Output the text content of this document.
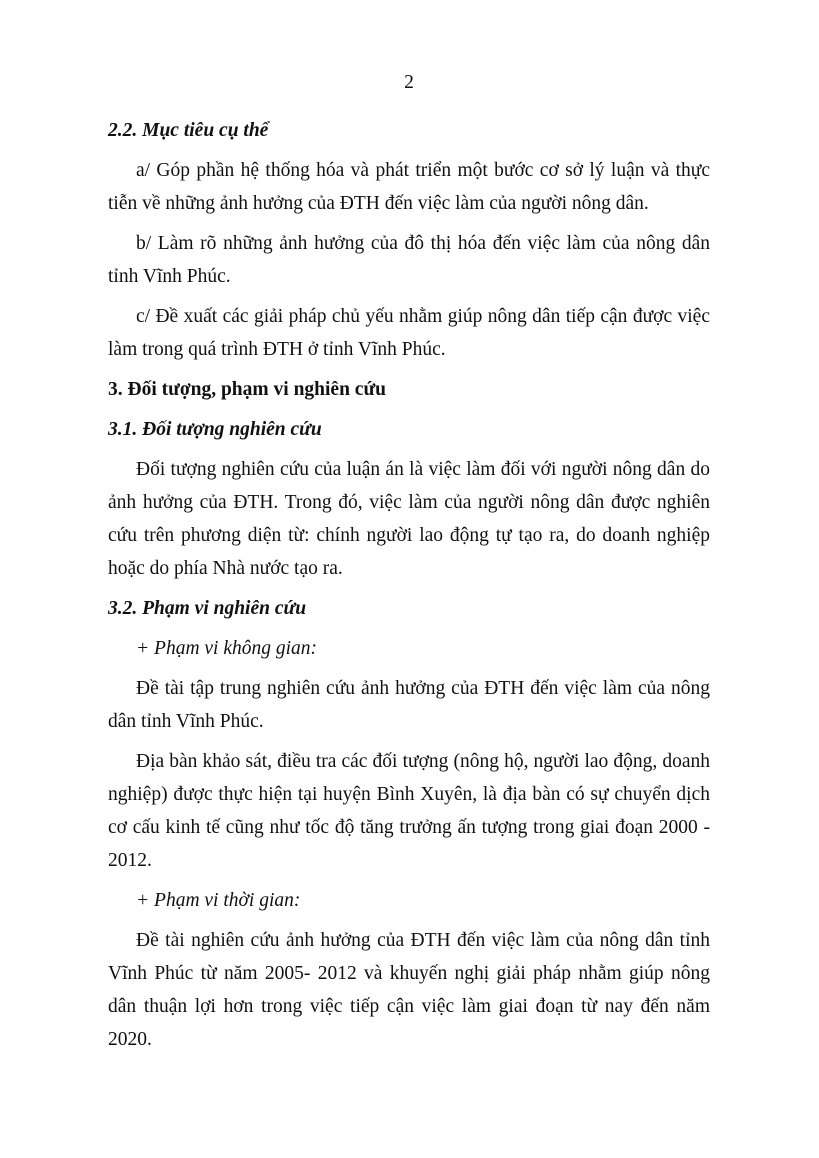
2

2.2. Mục tiêu cụ thể

a/ Góp phần hệ thống hóa và phát triển một bước cơ sở lý luận và thực tiễn về những ảnh hưởng của ĐTH đến việc làm của người nông dân.

b/ Làm rõ những ảnh hưởng của đô thị hóa đến việc làm của nông dân tỉnh Vĩnh Phúc.

c/ Đề xuất các giải pháp chủ yếu nhằm giúp nông dân tiếp cận được việc làm trong quá trình ĐTH ở tỉnh Vĩnh Phúc.

3. Đối tượng, phạm vi nghiên cứu

3.1. Đối tượng nghiên cứu

Đối tượng nghiên cứu của luận án là việc làm đối với người nông dân do ảnh hưởng của ĐTH. Trong đó, việc làm của người nông dân được nghiên cứu trên phương diện từ: chính người lao động tự tạo ra, do doanh nghiệp hoặc do phía Nhà nước tạo ra.

3.2. Phạm vi nghiên cứu

+ Phạm vi không gian:

Đề tài tập trung nghiên cứu ảnh hưởng của ĐTH đến việc làm của nông dân tỉnh Vĩnh Phúc.

Địa bàn khảo sát, điều tra các đối tượng (nông hộ, người lao động, doanh nghiệp) được thực hiện tại huyện Bình Xuyên, là địa bàn có sự chuyển dịch cơ cấu kinh tế cũng như tốc độ tăng trưởng ấn tượng trong giai đoạn 2000 - 2012.

+ Phạm vi thời gian:

Đề tài nghiên cứu ảnh hưởng của ĐTH đến việc làm của nông dân tỉnh Vĩnh Phúc từ năm 2005- 2012 và khuyến nghị giải pháp nhằm giúp nông dân thuận lợi hơn trong việc tiếp cận việc làm giai đoạn từ nay đến năm 2020.
